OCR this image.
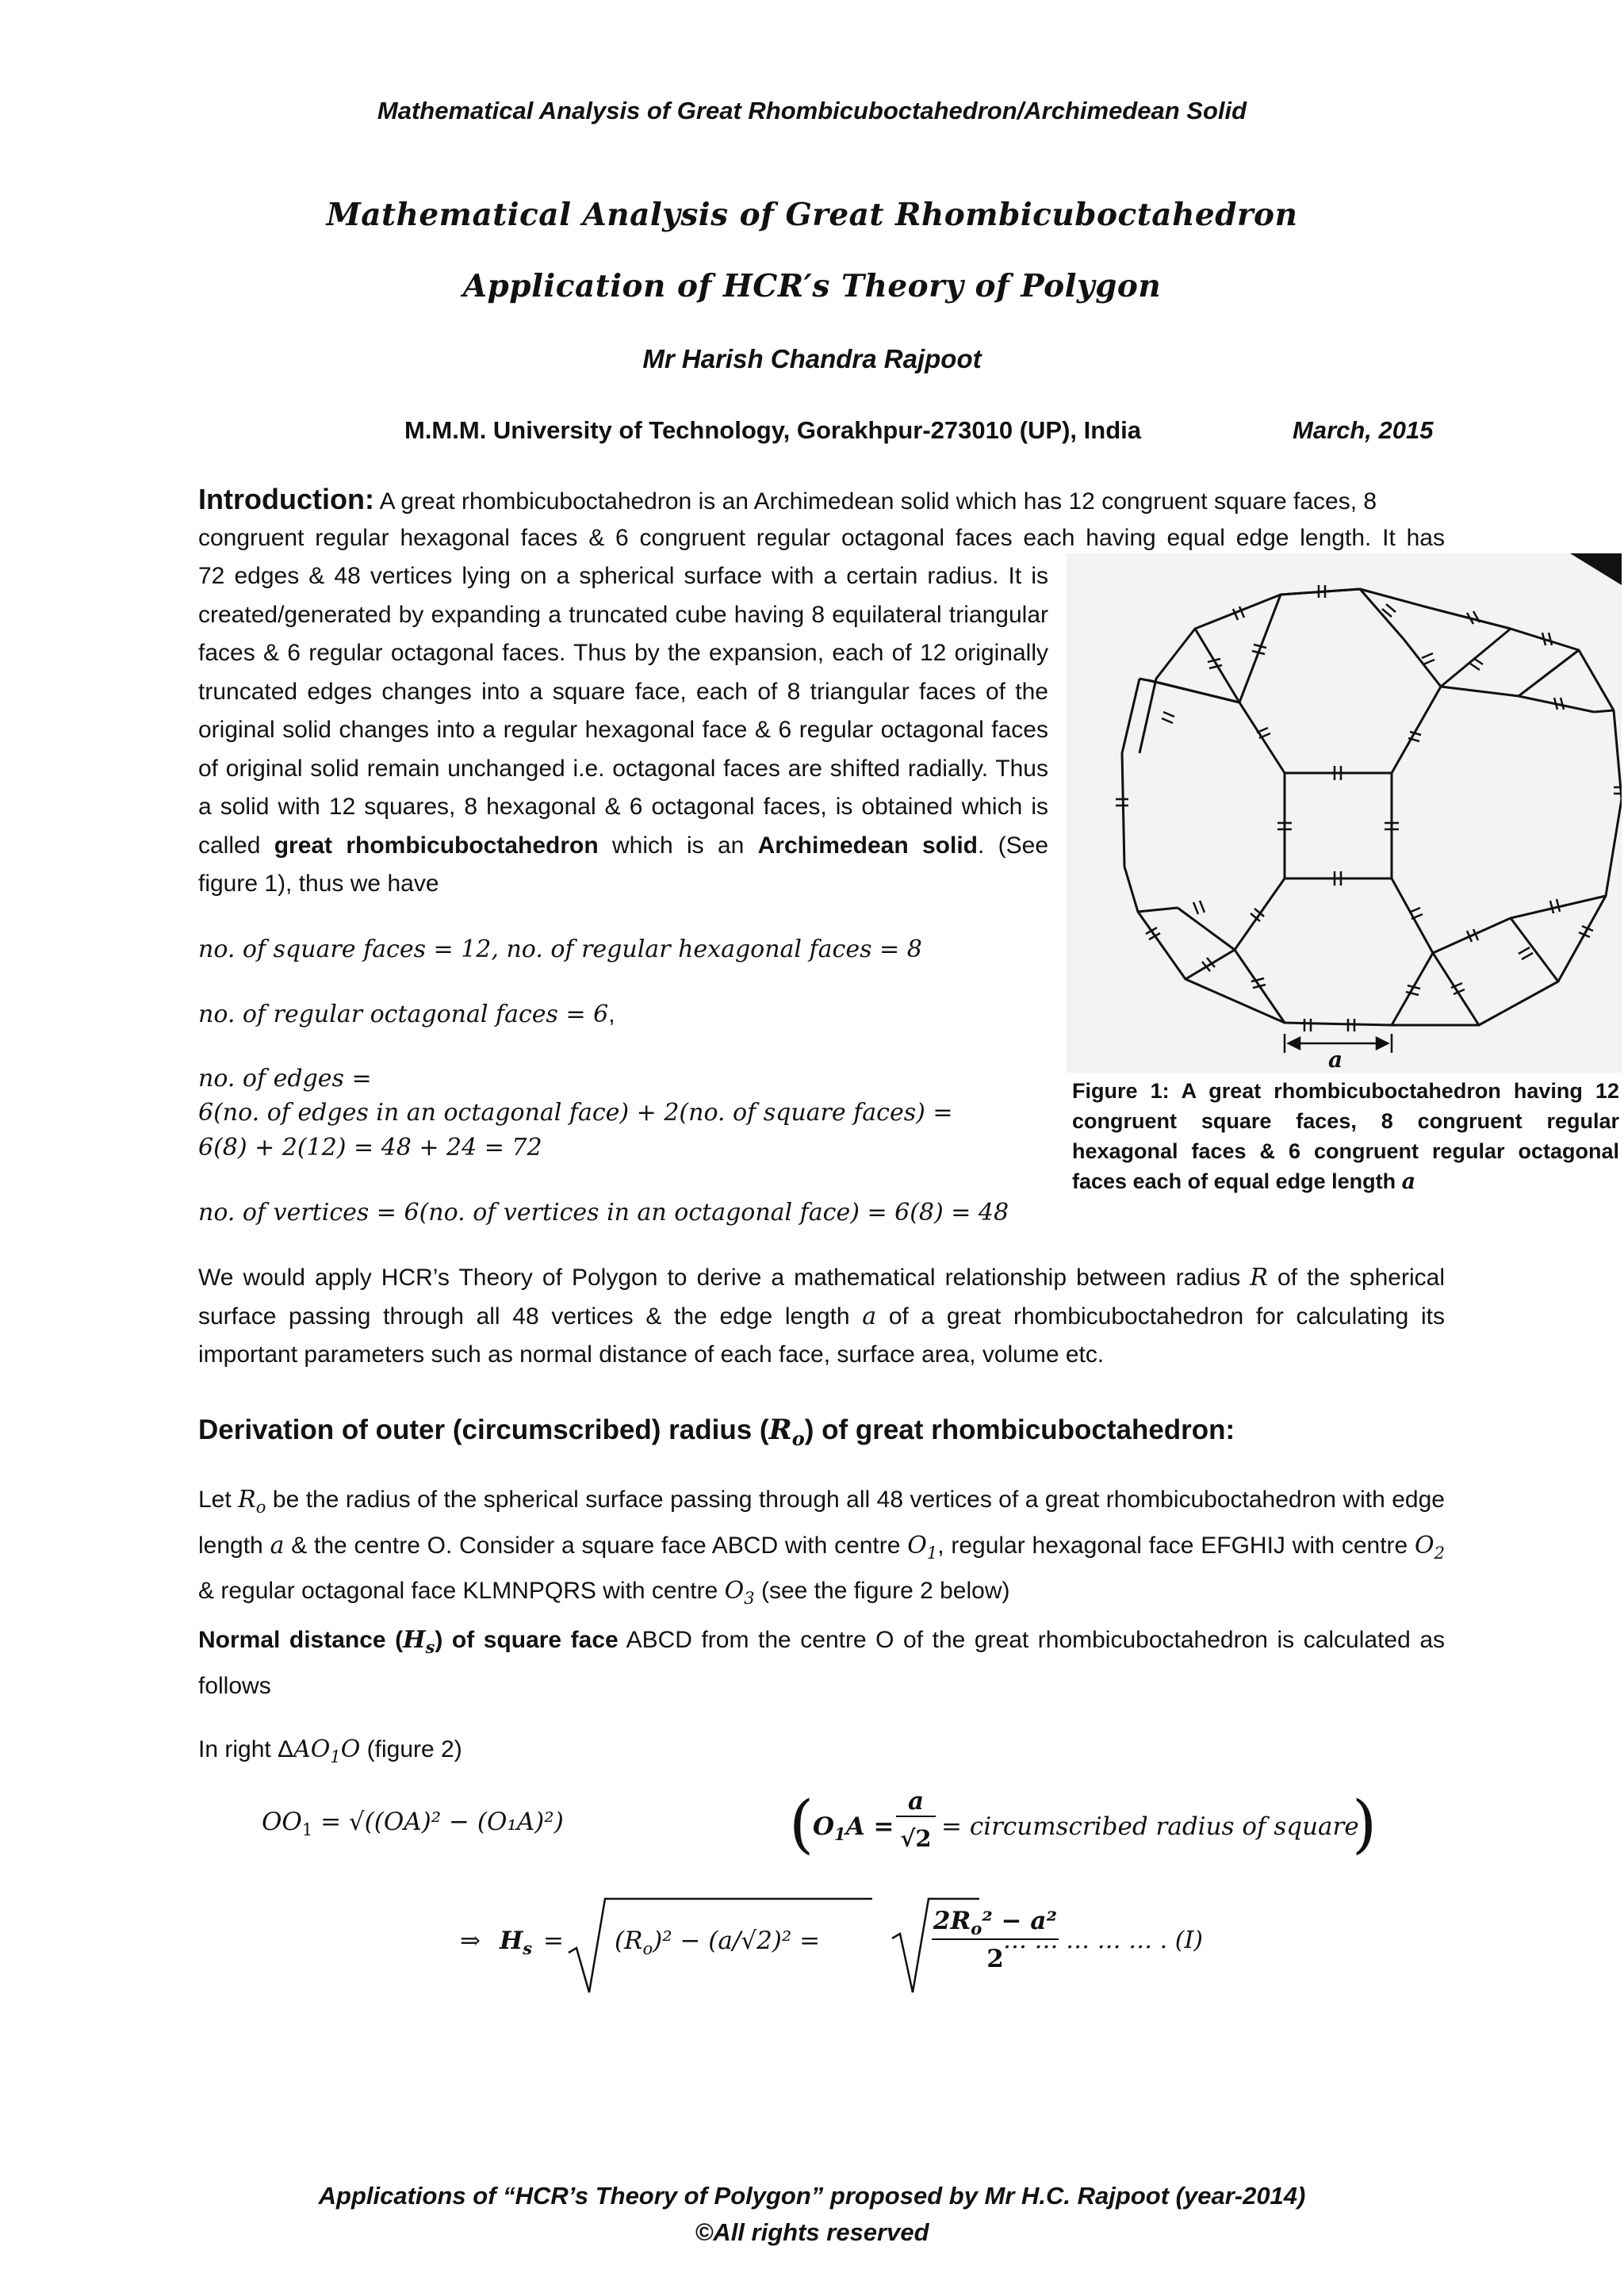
Mathematical Analysis of Great Rhombicuboctahedron/Archimedean Solid
Mathematical Analysis of Great Rhombicuboctahedron
Application of HCR′s Theory of Polygon
Mr Harish Chandra Rajpoot
M.M.M. University of Technology, Gorakhpur-273010 (UP), India	March, 2015
Introduction: A great rhombicuboctahedron is an Archimedean solid which has 12 congruent square faces, 8
congruent regular hexagonal faces & 6 congruent regular octagonal faces each having equal edge length. It has
72 edges & 48 vertices lying on a spherical surface with a certain radius. It is created/generated by expanding a truncated cube having 8 equilateral triangular faces & 6 regular octagonal faces. Thus by the expansion, each of 12 originally truncated edges changes into a square face, each of 8 triangular faces of the original solid changes into a regular hexagonal face & 6 regular octagonal faces of original solid remain unchanged i.e. octagonal faces are shifted radially. Thus a solid with 12 squares, 8 hexagonal & 6 octagonal faces, is obtained which is called great rhombicuboctahedron which is an Archimedean solid. (See figure 1), thus we have
a
Figure 1: A great rhombicuboctahedron having 12 congruent square faces, 8 congruent regular hexagonal faces & 6 congruent regular octagonal faces each of equal edge length a
no. of square faces = 12, no. of regular hexagonal faces = 8
no. of regular octagonal faces = 6,
no. of edges =
6(no. of edges in an octagonal face) + 2(no. of square faces) =
6(8) + 2(12) = 48 + 24 = 72
no. of vertices = 6(no. of vertices in an octagonal face) = 6(8) = 48
We would apply HCR’s Theory of Polygon to derive a mathematical relationship between radius R of the spherical surface passing through all 48 vertices & the edge length a of a great rhombicuboctahedron for calculating its important parameters such as normal distance of each face, surface area, volume etc.
Derivation of outer (circumscribed) radius $(R_o)$ of great rhombicuboctahedron:
Let $R_o$ be the radius of the spherical surface passing through all 48 vertices of a great rhombicuboctahedron with edge length a & the centre O. Consider a square face ABCD with centre $O_1$, regular hexagonal face EFGHIJ with centre $O_2$ & regular octagonal face KLMNPQRS with centre $O_3$ (see the figure 2 below)
Normal distance $(H_s)$ of square face ABCD from the centre O of the great rhombicuboctahedron is calculated as follows
In right $\Delta AO_1O$ (figure 2)
$OO_1 = √((OA)^2 - (O_1A)^2)$	(
$O_1A$ =
a
√2 = circumscribed radius of square
)
⇒ $H_s = (R_o)^2 - (a/√2)^2$ =
$2R_o^2 - a^2$
2
… … … … … . (I)
Applications of “HCR’s Theory of Polygon” proposed by Mr H.C. Rajpoot (year-2014)
©All rights reserved
